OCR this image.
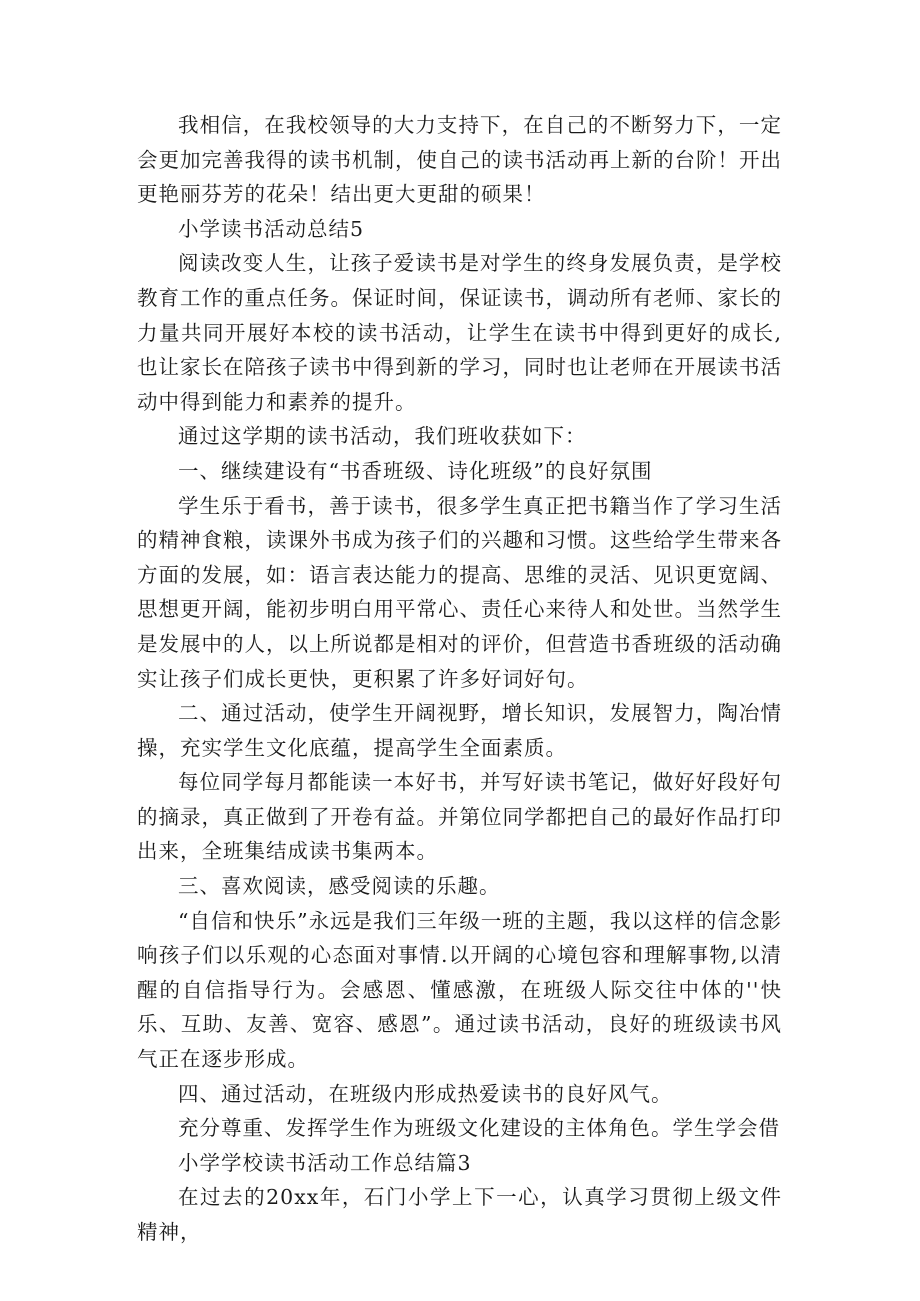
我相信，在我校领导的大力支持下，在自己的不断努力下，一定会更加完善我得的读书机制，使自己的读书活动再上新的台阶！开出更艳丽芬芳的花朵！结出更大更甜的硕果！

小学读书活动总结5

阅读改变人生，让孩子爱读书是对学生的终身发展负责，是学校教育工作的重点任务。保证时间，保证读书，调动所有老师、家长的力量共同开展好本校的读书活动，让学生在读书中得到更好的成长,也让家长在陪孩子读书中得到新的学习，同时也让老师在开展读书活动中得到能力和素养的提升。

通过这学期的读书活动，我们班收获如下：

一、继续建设有“书香班级、诗化班级”的良好氛围

学生乐于看书，善于读书，很多学生真正把书籍当作了学习生活的精神食粮，读课外书成为孩子们的兴趣和习惯。这些给学生带来各方面的发展，如：语言表达能力的提高、思维的灵活、见识更宽阔、思想更开阔，能初步明白用平常心、责任心来待人和处世。当然学生是发展中的人，以上所说都是相对的评价，但营造书香班级的活动确实让孩子们成长更快，更积累了许多好词好句。

二、通过活动，使学生开阔视野，增长知识，发展智力，陶冶情操，充实学生文化底蕴，提高学生全面素质。

每位同学每月都能读一本好书，并写好读书笔记，做好好段好句的摘录，真正做到了开卷有益。并第位同学都把自己的最好作品打印出来，全班集结成读书集两本。

三、喜欢阅读，感受阅读的乐趣。

“自信和快乐”永远是我们三年级一班的主题，我以这样的信念影响孩子们以乐观的心态面对事情.以开阔的心境包容和理解事物,以清醒的自信指导行为。会感恩、懂感激，在班级人际交往中体的''快乐、互助、友善、宽容、感恩”。通过读书活动，良好的班级读书风气正在逐步形成。

四、通过活动，在班级内形成热爱读书的良好风气。

充分尊重、发挥学生作为班级文化建设的主体角色。学生学会借

小学学校读书活动工作总结篇3

在过去的20xx年，石门小学上下一心，认真学习贯彻上级文件精神，
